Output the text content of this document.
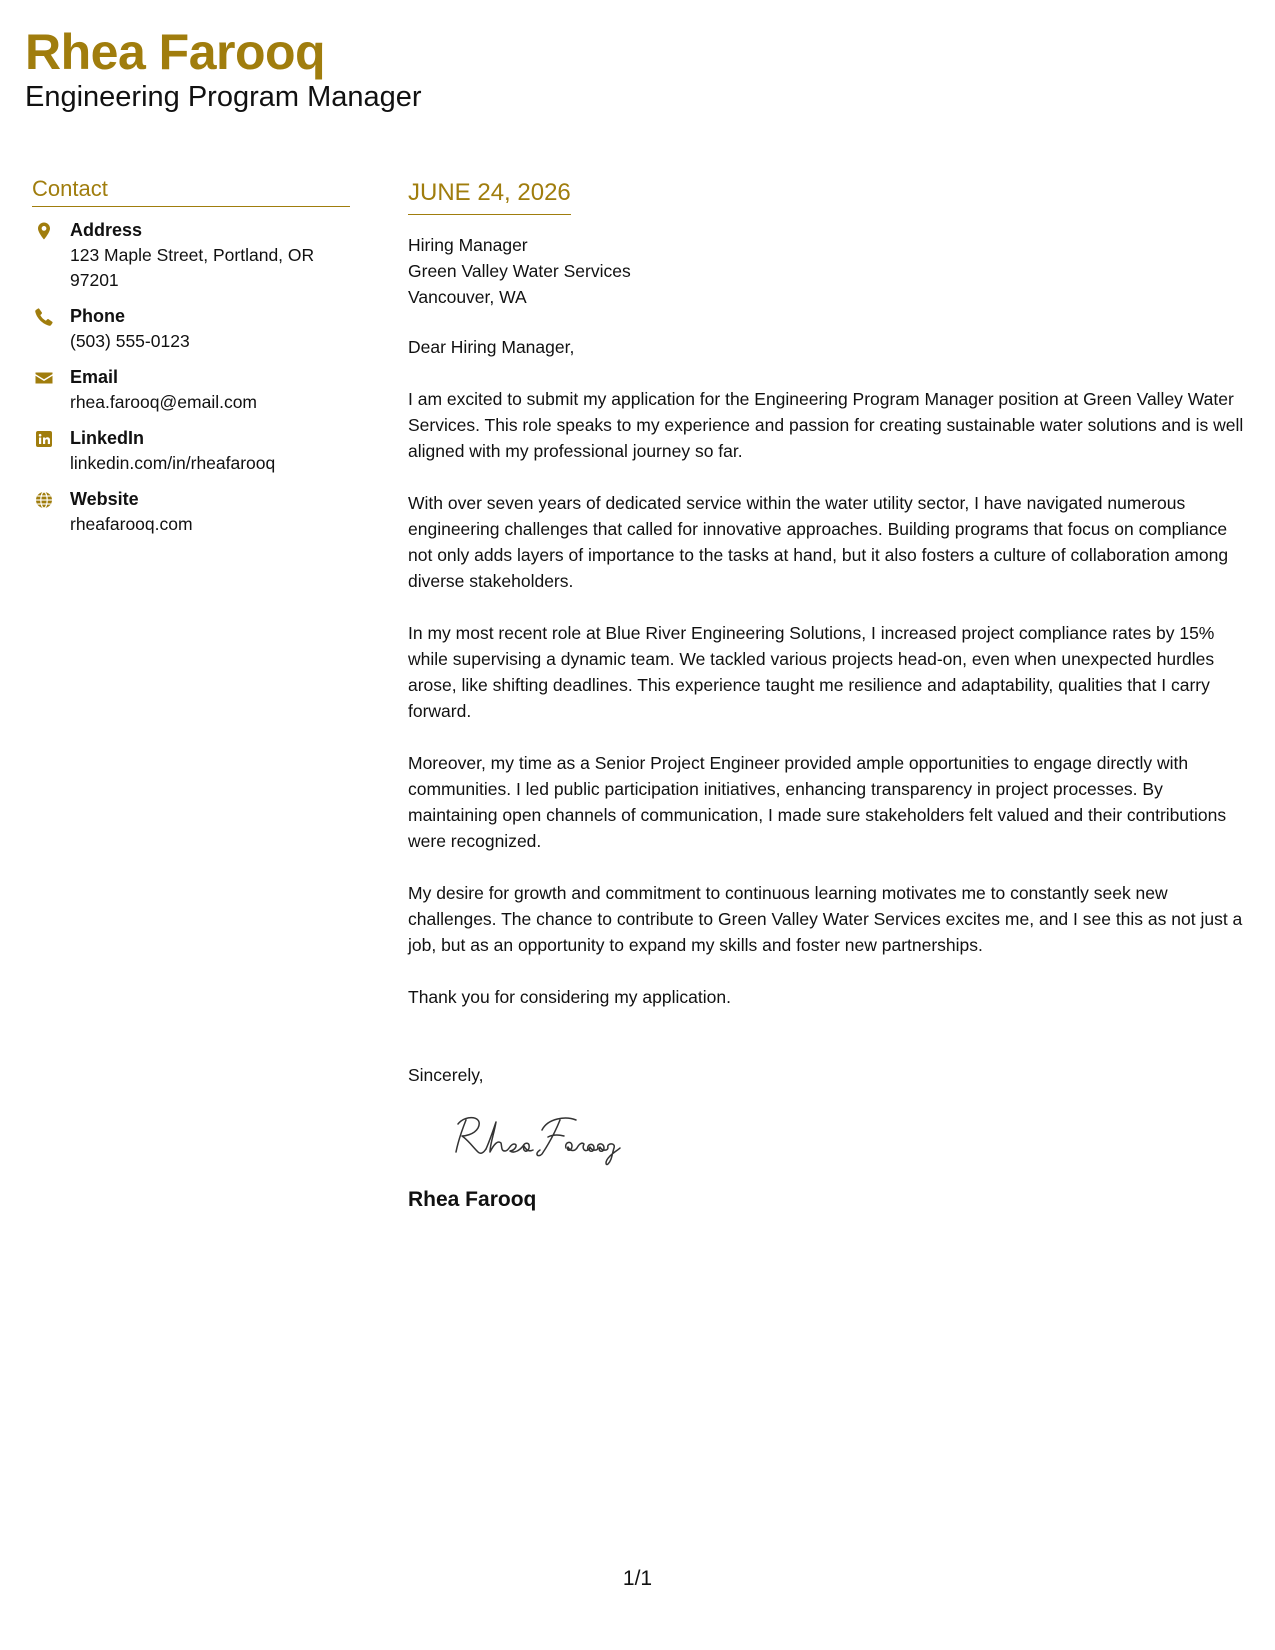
Rhea Farooq
Engineering Program Manager
Contact
Address
123 Maple Street, Portland, OR 97201
Phone
(503) 555-0123
Email
rhea.farooq@email.com
LinkedIn
linkedin.com/in/rheafarooq
Website
rheafarooq.com
JUNE 24, 2026
Hiring Manager
Green Valley Water Services
Vancouver, WA
Dear Hiring Manager,
I am excited to submit my application for the Engineering Program Manager position at Green Valley Water Services. This role speaks to my experience and passion for creating sustainable water solutions and is well aligned with my professional journey so far.
With over seven years of dedicated service within the water utility sector, I have navigated numerous engineering challenges that called for innovative approaches. Building programs that focus on compliance not only adds layers of importance to the tasks at hand, but it also fosters a culture of collaboration among diverse stakeholders.
In my most recent role at Blue River Engineering Solutions, I increased project compliance rates by 15% while supervising a dynamic team. We tackled various projects head-on, even when unexpected hurdles arose, like shifting deadlines. This experience taught me resilience and adaptability, qualities that I carry forward.
Moreover, my time as a Senior Project Engineer provided ample opportunities to engage directly with communities. I led public participation initiatives, enhancing transparency in project processes. By maintaining open channels of communication, I made sure stakeholders felt valued and their contributions were recognized.
My desire for growth and commitment to continuous learning motivates me to constantly seek new challenges. The chance to contribute to Green Valley Water Services excites me, and I see this as not just a job, but as an opportunity to expand my skills and foster new partnerships.
Thank you for considering my application.
Sincerely,
Rhea Farooq
1/1
